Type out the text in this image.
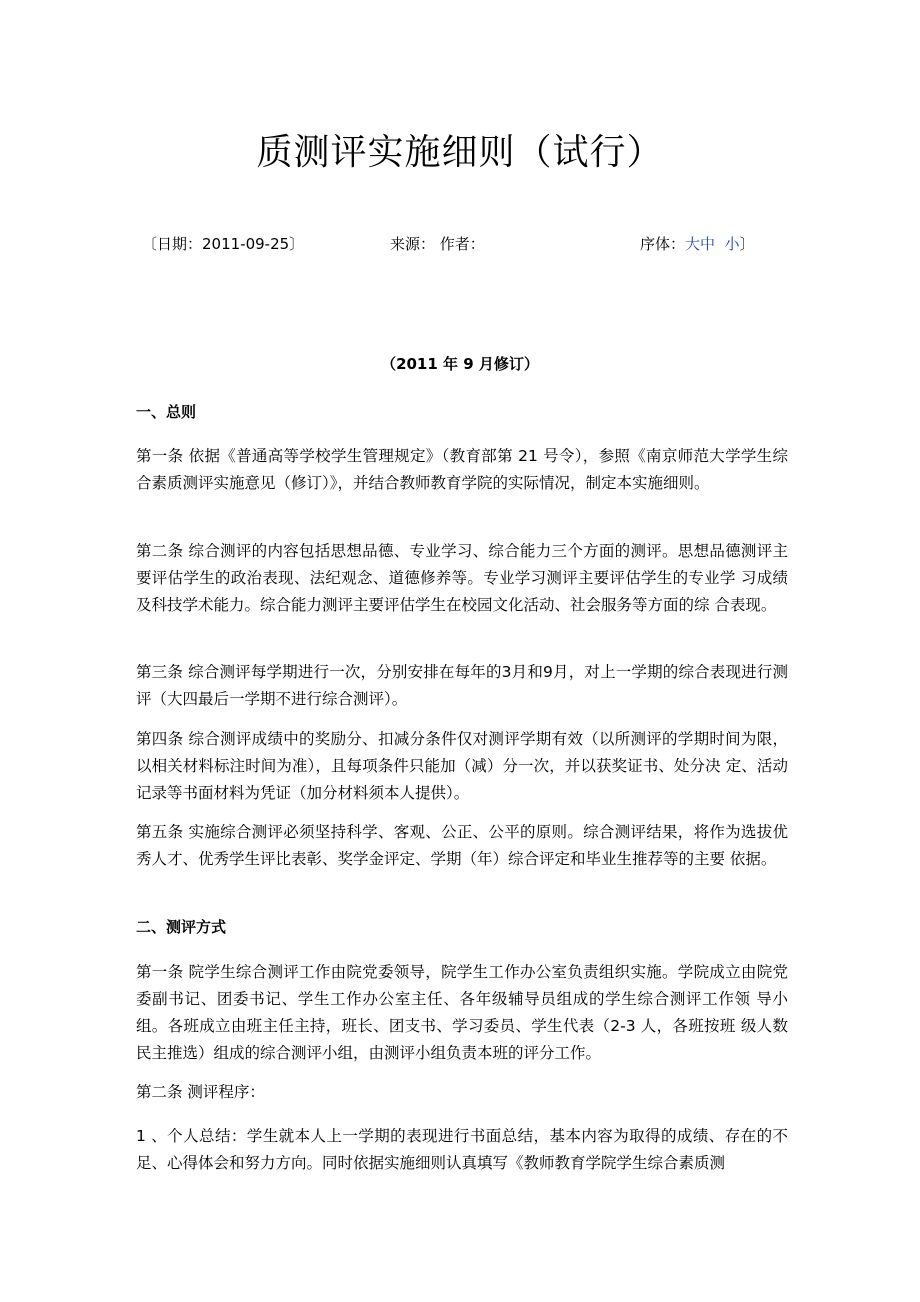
质测评实施细则（试行）
〔日期：2011-09-25〕	来源： 作者：	序体：大中 小〕
（2011 年 9 月修订）
一、总则

第一条 依据《普通高等学校学生管理规定》（教育部第 21 号令），参照《南京师范大学学生综合素质测评实施意见（修订）》，并结合教师教育学院的实际情况，制定本实施细则。

第二条 综合测评的内容包括思想品德、专业学习、综合能力三个方面的测评。思想品德测评主要评估学生的政治表现、法纪观念、道德修养等。专业学习测评主要评估学生的专业学 习成绩及科技学术能力。综合能力测评主要评估学生在校园文化活动、社会服务等方面的综 合表现。

第三条 综合测评每学期进行一次，分别安排在每年的3月和9月，对上一学期的综合表现进行测评（大四最后一学期不进行综合测评）。

第四条 综合测评成绩中的奖励分、扣减分条件仅对测评学期有效（以所测评的学期时间为限，以相关材料标注时间为准），且每项条件只能加（减）分一次，并以获奖证书、处分决 定、活动记录等书面材料为凭证（加分材料须本人提供）。

第五条 实施综合测评必须坚持科学、客观、公正、公平的原则。综合测评结果，将作为选拔优秀人才、优秀学生评比表彰、奖学金评定、学期（年）综合评定和毕业生推荐等的主要 依据。

二、测评方式

第一条 院学生综合测评工作由院党委领导，院学生工作办公室负责组织实施。学院成立由院党委副书记、团委书记、学生工作办公室主任、各年级辅导员组成的学生综合测评工作领 导小组。各班成立由班主任主持，班长、团支书、学习委员、学生代表（2-3 人，各班按班 级人数民主推选）组成的综合测评小组，由测评小组负责本班的评分工作。

第二条 测评程序：

1 、个人总结：学生就本人上一学期的表现进行书面总结，基本内容为取得的成绩、存在的不足、心得体会和努力方向。同时依据实施细则认真填写《教师教育学院学生综合素质测
